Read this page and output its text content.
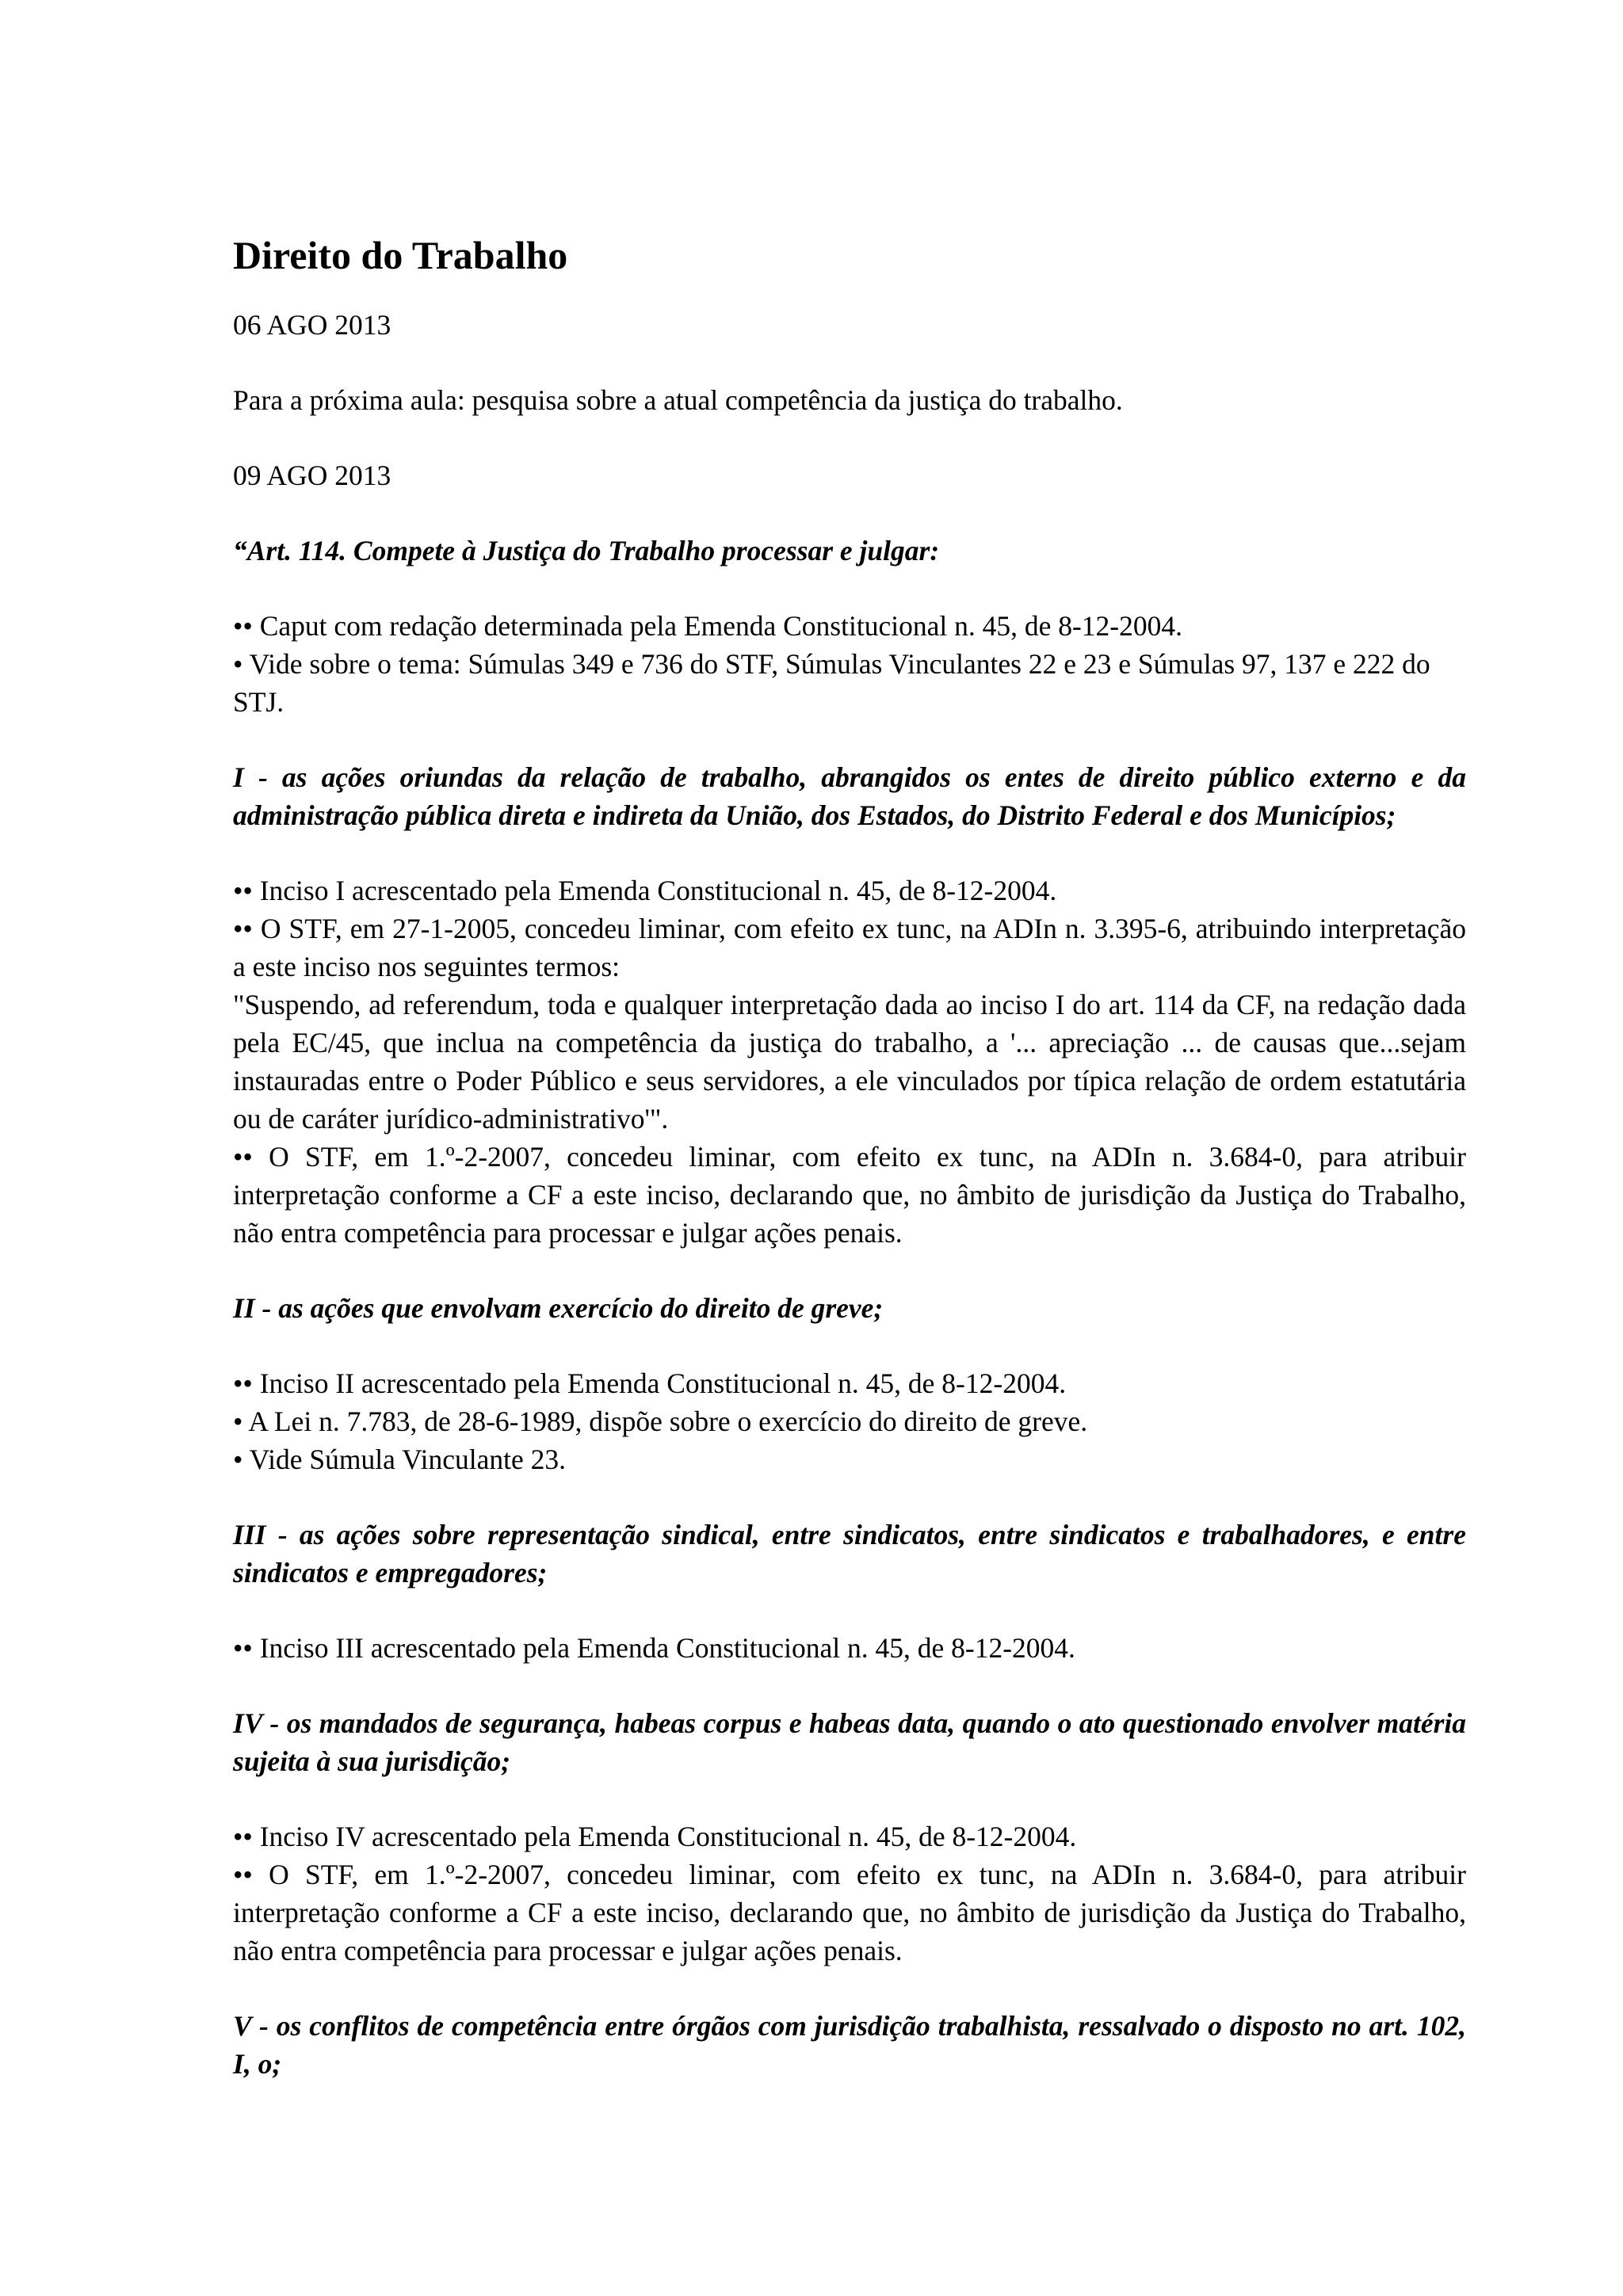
Direito do Trabalho

06 AGO 2013

Para a próxima aula: pesquisa sobre a atual competência da justiça do trabalho.

09 AGO 2013

“Art. 114. Compete à Justiça do Trabalho processar e julgar:

•• Caput com redação determinada pela Emenda Constitucional n. 45, de 8-12-2004.

• Vide sobre o tema: Súmulas 349 e 736 do STF, Súmulas Vinculantes 22 e 23 e Súmulas 97, 137 e 222 do STJ.

I - as ações oriundas da relação de trabalho, abrangidos os entes de direito público externo e da administração pública direta e indireta da União, dos Estados, do Distrito Federal e dos Municípios;

•• Inciso I acrescentado pela Emenda Constitucional n. 45, de 8-12-2004.

•• O STF, em 27-1-2005, concedeu liminar, com efeito ex tunc, na ADIn n. 3.395-6, atribuindo interpretação a este inciso nos seguintes termos:

"Suspendo, ad referendum, toda e qualquer interpretação dada ao inciso I do art. 114 da CF, na redação dada pela EC/45, que inclua na competência da justiça do trabalho, a '... apreciação ... de causas que...sejam instauradas entre o Poder Público e seus servidores, a ele vinculados por típica relação de ordem estatutária ou de caráter jurídico-administrativo'".

•• O STF, em 1.º-2-2007, concedeu liminar, com efeito ex tunc, na ADIn n. 3.684-0, para atribuir interpretação conforme a CF a este inciso, declarando que, no âmbito de jurisdição da Justiça do Trabalho, não entra competência para processar e julgar ações penais.

II - as ações que envolvam exercício do direito de greve;

•• Inciso II acrescentado pela Emenda Constitucional n. 45, de 8-12-2004.

• A Lei n. 7.783, de 28-6-1989, dispõe sobre o exercício do direito de greve.

• Vide Súmula Vinculante 23.

III - as ações sobre representação sindical, entre sindicatos, entre sindicatos e trabalhadores, e entre sindicatos e empregadores;

•• Inciso III acrescentado pela Emenda Constitucional n. 45, de 8-12-2004.

IV - os mandados de segurança, habeas corpus e habeas data, quando o ato questionado envolver matéria sujeita à sua jurisdição;

•• Inciso IV acrescentado pela Emenda Constitucional n. 45, de 8-12-2004.

•• O STF, em 1.º-2-2007, concedeu liminar, com efeito ex tunc, na ADIn n. 3.684-0, para atribuir interpretação conforme a CF a este inciso, declarando que, no âmbito de jurisdição da Justiça do Trabalho, não entra competência para processar e julgar ações penais.

V - os conflitos de competência entre órgãos com jurisdição trabalhista, ressalvado o disposto no art. 102, I, o;
